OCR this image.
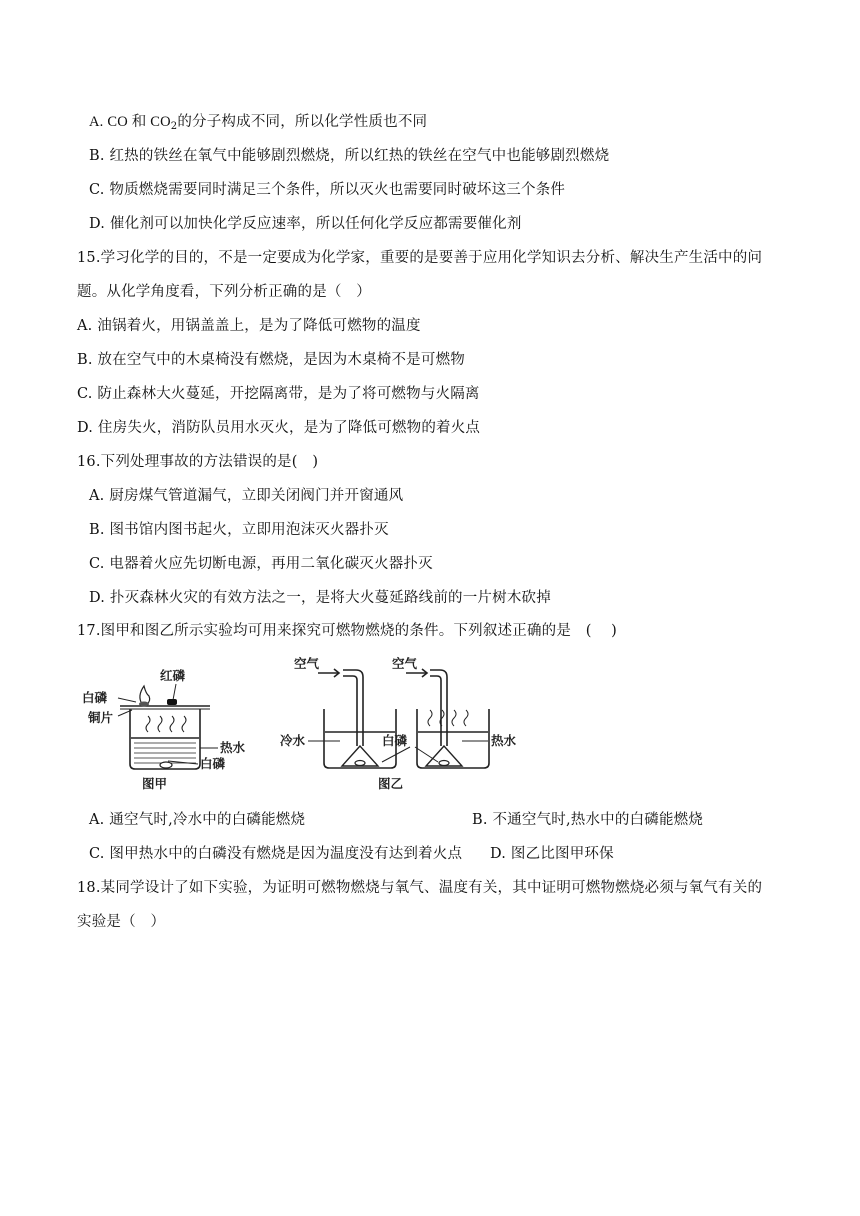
A. CO 和 $CO_2$的分子构成不同，所以化学性质也不同
B. 红热的铁丝在氧气中能够剧烈燃烧，所以红热的铁丝在空气中也能够剧烈燃烧
C. 物质燃烧需要同时满足三个条件，所以灭火也需要同时破坏这三个条件
D. 催化剂可以加快化学反应速率，所以任何化学反应都需要催化剂
15.学习化学的目的，不是一定要成为化学家，重要的是要善于应用化学知识去分析、解决生产生活中的问
题。从化学角度看，下列分析正确的是（　）
A. 油锅着火，用锅盖盖上，是为了降低可燃物的温度
B. 放在空气中的木桌椅没有燃烧，是因为木桌椅不是可燃物
C. 防止森林大火蔓延，开挖隔离带，是为了将可燃物与火隔离
D. 住房失火，消防队员用水灭火，是为了降低可燃物的着火点
16.下列处理事故的方法错误的是(　)
A. 厨房煤气管道漏气，立即关闭阀门并开窗通风
B. 图书馆内图书起火，立即用泡沫灭火器扑灭
C. 电器着火应先切断电源，再用二氧化碳灭火器扑灭
D. 扑灭森林火灾的有效方法之一，是将大火蔓延路线前的一片树木砍掉
17.图甲和图乙所示实验均可用来探究可燃物燃烧的条件。下列叙述正确的是　(　 )
白磷
红磷
铜片
热水
白磷
图甲
空气	空气
冷水	白磷	热水
图乙
A. 通空气时,冷水中的白磷能燃烧	B. 不通空气时,热水中的白磷能燃烧
C. 图甲热水中的白磷没有燃烧是因为温度没有达到着火点 D. 图乙比图甲环保
18.某同学设计了如下实验，为证明可燃物燃烧与氧气、温度有关，其中证明可燃物燃烧必须与氧气有关的
实验是（　）
